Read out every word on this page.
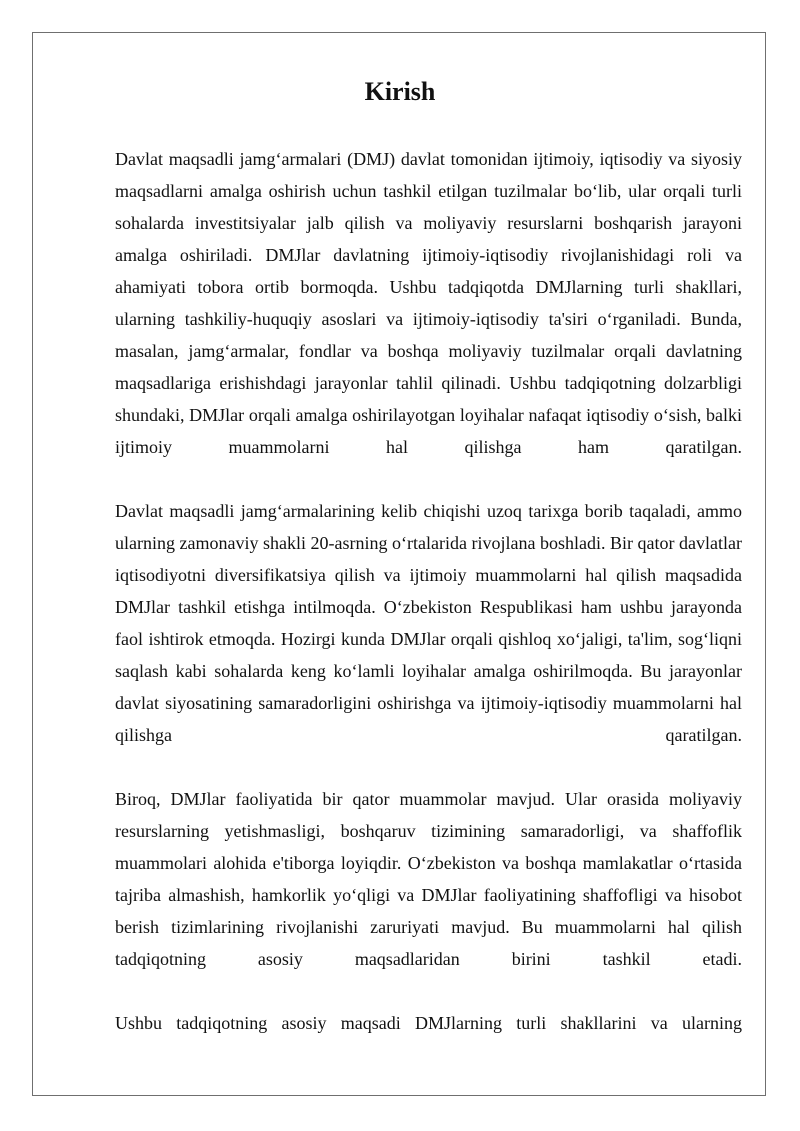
Kirish

Davlat maqsadli jamg‘armalari (DMJ) davlat tomonidan ijtimoiy, iqtisodiy va siyosiy maqsadlarni amalga oshirish uchun tashkil etilgan tuzilmalar bo‘lib, ular orqali turli sohalarda investitsiyalar jalb qilish va moliyaviy resurslarni boshqarish jarayoni amalga oshiriladi. DMJlar davlatning ijtimoiy-iqtisodiy rivojlanishidagi roli va ahamiyati tobora ortib bormoqda. Ushbu tadqiqotda DMJlarning turli shakllari, ularning tashkiliy-huquqiy asoslari va ijtimoiy-iqtisodiy ta'siri o‘rganiladi. Bunda, masalan, jamg‘armalar, fondlar va boshqa moliyaviy tuzilmalar orqali davlatning maqsadlariga erishishdagi jarayonlar tahlil qilinadi. Ushbu tadqiqotning dolzarbligi shundaki, DMJlar orqali amalga oshirilayotgan loyihalar nafaqat iqtisodiy o‘sish, balki ijtimoiy muammolarni hal qilishga ham qaratilgan.

Davlat maqsadli jamg‘armalarining kelib chiqishi uzoq tarixga borib taqaladi, ammo ularning zamonaviy shakli 20-asrning o‘rtalarida rivojlana boshladi. Bir qator davlatlar iqtisodiyotni diversifikatsiya qilish va ijtimoiy muammolarni hal qilish maqsadida DMJlar tashkil etishga intilmoqda. O‘zbekiston Respublikasi ham ushbu jarayonda faol ishtirok etmoqda. Hozirgi kunda DMJlar orqali qishloq xo‘jaligi, ta'lim, sog‘liqni saqlash kabi sohalarda keng ko‘lamli loyihalar amalga oshirilmoqda. Bu jarayonlar davlat siyosatining samaradorligini oshirishga va ijtimoiy-iqtisodiy muammolarni hal qilishga qaratilgan.

Biroq, DMJlar faoliyatida bir qator muammolar mavjud. Ular orasida moliyaviy resurslarning yetishmasligi, boshqaruv tizimining samaradorligi, va shaffoflik muammolari alohida e'tiborga loyiqdir. O‘zbekiston va boshqa mamlakatlar o‘rtasida tajriba almashish, hamkorlik yo‘qligi va DMJlar faoliyatining shaffofligi va hisobot berish tizimlarining rivojlanishi zaruriyati mavjud. Bu muammolarni hal qilish tadqiqotning asosiy maqsadlaridan birini tashkil etadi.

Ushbu tadqiqotning asosiy maqsadi DMJlarning turli shakllarini va ularning
